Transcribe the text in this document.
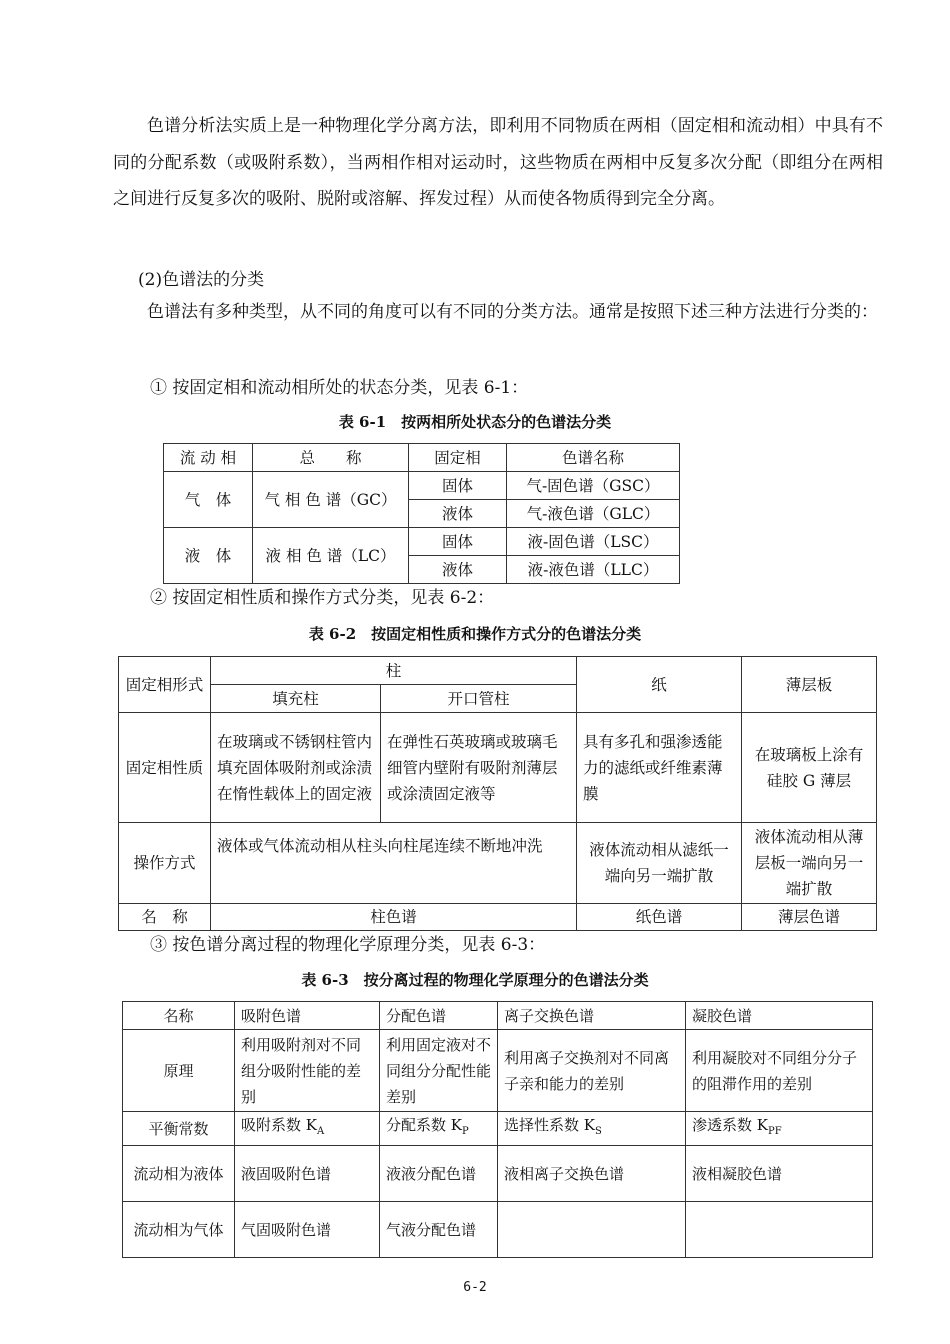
色谱分析法实质上是一种物理化学分离方法，即利用不同物质在两相（固定相和流动相）中具有不同的分配系数（或吸附系数），当两相作相对运动时，这些物质在两相中反复多次分配（即组分在两相之间进行反复多次的吸附、脱附或溶解、挥发过程）从而使各物质得到完全分离。

(2)色谱法的分类

色谱法有多种类型，从不同的角度可以有不同的分类方法。通常是按照下述三种方法进行分类的：

① 按固定相和流动相所处的状态分类，见表 6-1：

表 6-1　按两相所处状态分的色谱法分类

流 动 相	总　　称	固定相	色谱名称
气　体	气 相 色 谱（GC）	固体	气-固色谱（GSC）
		液体	气-液色谱（GLC）
液　体	液 相 色 谱（LC）	固体	液-固色谱（LSC）
		液体	液-液色谱（LLC）

② 按固定相性质和操作方式分类，见表 6-2：

表 6-2　按固定相性质和操作方式分的色谱法分类

固定相形式	柱		纸	薄层板
	填充柱	开口管柱		
固定相性质	在玻璃或不锈钢柱管内填充固体吸附剂或涂渍在惰性载体上的固定液	在弹性石英玻璃或玻璃毛细管内壁附有吸附剂薄层或涂渍固定液等	具有多孔和强渗透能力的滤纸或纤维素薄膜	在玻璃板上涂有硅胶 G 薄层
操作方式	液体或气体流动相从柱头向柱尾连续不断地冲洗		液体流动相从滤纸一端向另一端扩散	液体流动相从薄层板一端向另一端扩散
名　称	柱色谱		纸色谱	薄层色谱

③ 按色谱分离过程的物理化学原理分类，见表 6-3：

表 6-3　按分离过程的物理化学原理分的色谱法分类

名称	吸附色谱	分配色谱	离子交换色谱	凝胶色谱
原理	利用吸附剂对不同组分吸附性能的差别	利用固定液对不同组分分配性能差别	利用离子交换剂对不同离子亲和能力的差别	利用凝胶对不同组分分子的阻滞作用的差别
平衡常数	吸附系数 $K_A$	分配系数 $K_P$	选择性系数 $K_S$	渗透系数 $K_{PF}$
流动相为液体	液固吸附色谱	液液分配色谱	液相离子交换色谱	液相凝胶色谱
流动相为气体	气固吸附色谱	气液分配色谱		
6-2
